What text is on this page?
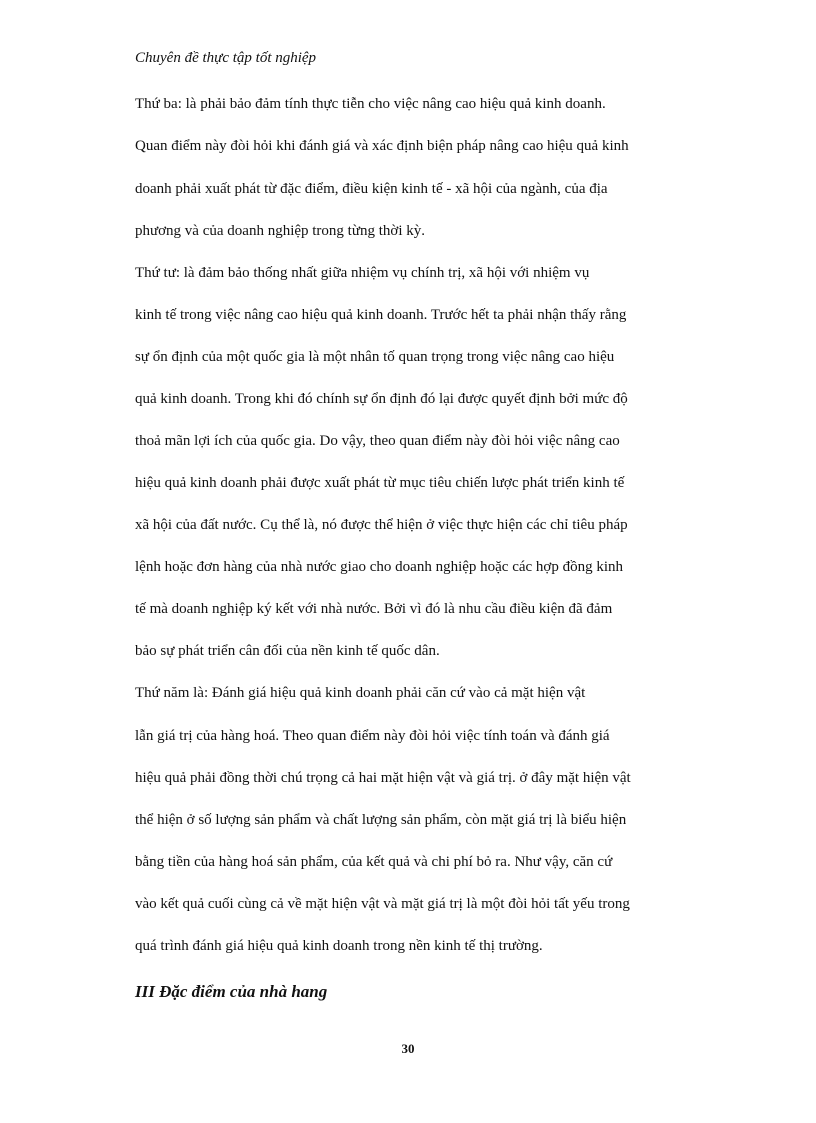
Chuyên đề thực tập tốt nghiệp
Thứ ba: là phải bảo đảm tính thực tiễn cho việc nâng cao hiệu quả kinh doanh.
Quan điểm này đòi hỏi khi đánh giá và xác định biện pháp nâng cao hiệu quả kinh
doanh phải xuất phát từ đặc điểm, điều kiện kinh tế - xã hội của ngành, của địa
phương và của doanh nghiệp trong từng thời kỳ.
Thứ tư: là đảm bảo thống nhất giữa nhiệm vụ chính trị, xã hội với nhiệm vụ
kinh tế trong việc nâng cao hiệu quả kinh doanh. Trước hết ta phải nhận thấy rằng
sự ổn định của một quốc gia là một nhân tố quan trọng trong việc nâng cao hiệu
quả kinh doanh. Trong khi đó chính sự ổn định đó lại được quyết định bởi mức độ
thoả mãn lợi ích của quốc gia. Do vậy, theo quan điểm này đòi hỏi việc nâng cao
hiệu quả kinh doanh phải được xuất phát từ mục tiêu chiến lược phát triển kinh tế
xã hội của đất nước. Cụ thể là, nó được thể hiện ở việc thực hiện các chỉ tiêu pháp
lệnh hoặc đơn hàng của nhà nước giao cho doanh nghiệp hoặc các hợp đồng kinh
tế mà doanh nghiệp ký kết với nhà nước. Bởi vì đó là nhu cầu điều kiện đã đảm
bảo sự phát triển cân đối của nền kinh tế quốc dân.
Thứ năm là: Đánh giá hiệu quả kinh doanh phải căn cứ vào cả mặt hiện vật
lẫn giá trị của hàng hoá. Theo quan điểm này đòi hỏi việc tính toán và đánh giá
hiệu quả phải đồng thời chú trọng cả hai mặt hiện vật và giá trị. ở đây mặt hiện vật
thể hiện ở số lượng sản phẩm và chất lượng sản phẩm, còn mặt giá trị là biểu hiện
bằng tiền của hàng hoá sản phẩm, của kết quả và chi phí bỏ ra. Như vậy, căn cứ
vào kết quả cuối cùng cả về mặt hiện vật và mặt giá trị là một đòi hỏi tất yếu trong
quá trình đánh giá hiệu quả kinh doanh trong nền kinh tế thị trường.
III Đặc điểm của nhà hang
30
